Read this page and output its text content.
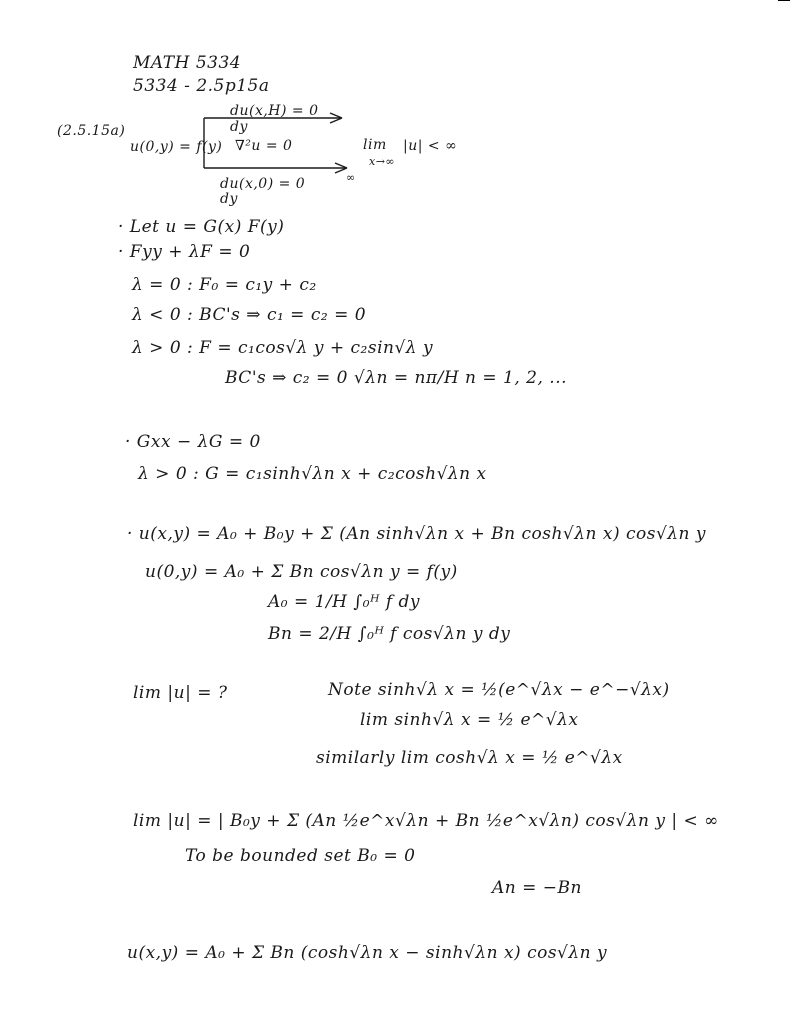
MATH 5334
5334 - 2.5p15a
(2.5.15a)
du(x,H) = 0
dy
u(0,y) = f(y) ∇²u = 0	lim
x→∞
|u| < ∞
∞
du(x,0) = 0
dy
· Let u = G(x) F(y)
· Fyy + λF = 0
λ = 0 : F₀ = c₁y + c₂
λ < 0 : BC's ⇒ c₁ = c₂ = 0
λ > 0 : F = c₁cos√λ y + c₂sin√λ y
BC's ⇒ c₂ = 0 √λn = nπ/H n = 1, 2, ...
· Gxx − λG = 0
λ > 0 : G = c₁sinh√λn x + c₂cosh√λn x
· u(x,y) = A₀ + B₀y + Σ (An sinh√λn x + Bn cosh√λn x) cos√λn y
u(0,y) = A₀ + Σ Bn cos√λn y = f(y)
A₀ = 1/H ∫₀ᴴ f dy
Bn = 2/H ∫₀ᴴ f cos√λn y dy
lim |u| = ?	Note sinh√λ x = ½(e^√λx − e^−√λx)
lim sinh√λ x = ½ e^√λx
similarly lim cosh√λ x = ½ e^√λx
lim |u| = | B₀y + Σ (An ½e^x√λn + Bn ½e^x√λn) cos√λn y | < ∞
To be bounded set B₀ = 0
An = −Bn
u(x,y) = A₀ + Σ Bn (cosh√λn x − sinh√λn x) cos√λn y
